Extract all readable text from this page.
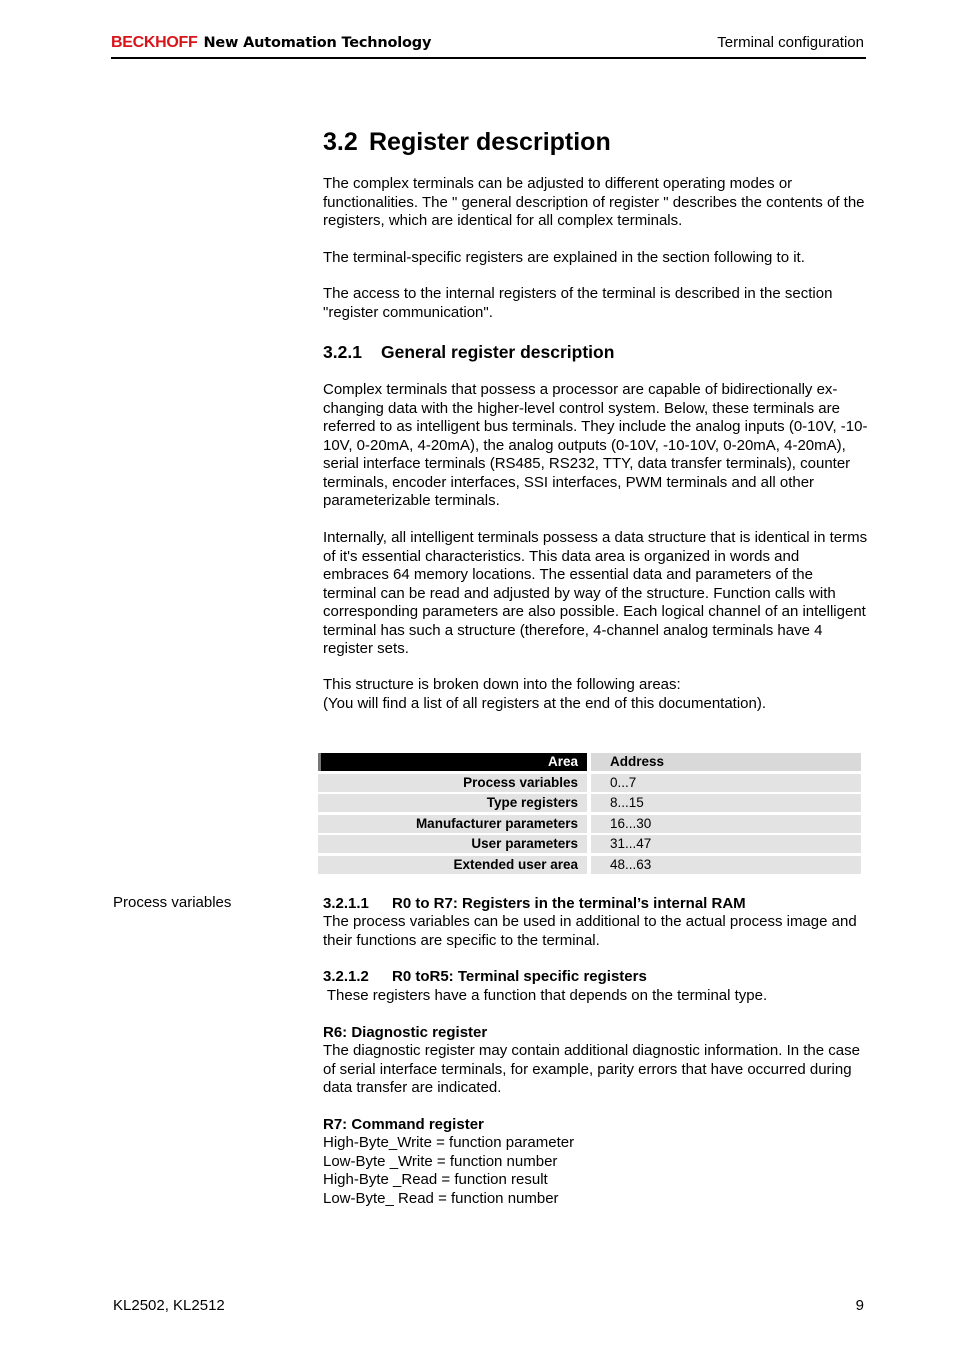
BECKHOFF New Automation Technology	Terminal configuration
3.2 Register description

The complex terminals can be adjusted to different operating modes or functionalities. The " general description of register " describes the contents of the registers, which are identical for all complex terminals.

The terminal-specific registers are explained in the section following to it.

The access to the internal registers of the terminal is described in the section "register communication".

3.2.1 General register description

Complex terminals that possess a processor are capable of bidirectionally ex-changing data with the higher-level control system. Below, these terminals are referred to as intelligent bus terminals. They include the analog inputs (0-10V, -10-10V, 0-20mA, 4-20mA), the analog outputs (0-10V, -10-10V, 0-20mA, 4-20mA), serial interface terminals (RS485, RS232, TTY, data transfer terminals), counter terminals, encoder interfaces, SSI interfaces, PWM terminals and all other parameterizable terminals.

Internally, all intelligent terminals possess a data structure that is identical in terms of it's essential characteristics. This data area is organized in words and embraces 64 memory locations. The essential data and parameters of the terminal can be read and adjusted by way of the structure. Function calls with corresponding parameters are also possible. Each logical channel of an intelligent terminal has such a structure (therefore, 4-channel analog terminals have 4 register sets.

This structure is broken down into the following areas:

(You will find a list of all registers at the end of this documentation).

Area	Address
Process variables	0...7
Type registers	8...15
Manufacturer parameters	16...30
User parameters	31...47
Extended user area	48...63
Process variables	3.2.1.1 R0 to R7: Registers in the terminal’s internal RAM

The process variables can be used in additional to the actual process image and their functions are specific to the terminal.

3.2.1.2 R0 toR5: Terminal specific registers

These registers have a function that depends on the terminal type.

R6: Diagnostic register

The diagnostic register may contain additional diagnostic information. In the case of serial interface terminals, for example, parity errors that have occurred during data transfer are indicated.

R7: Command register
High-Byte_Write = function parameter
Low-Byte _Write = function number
High-Byte _Read = function result
Low-Byte_ Read = function number
KL2502, KL2512	9
